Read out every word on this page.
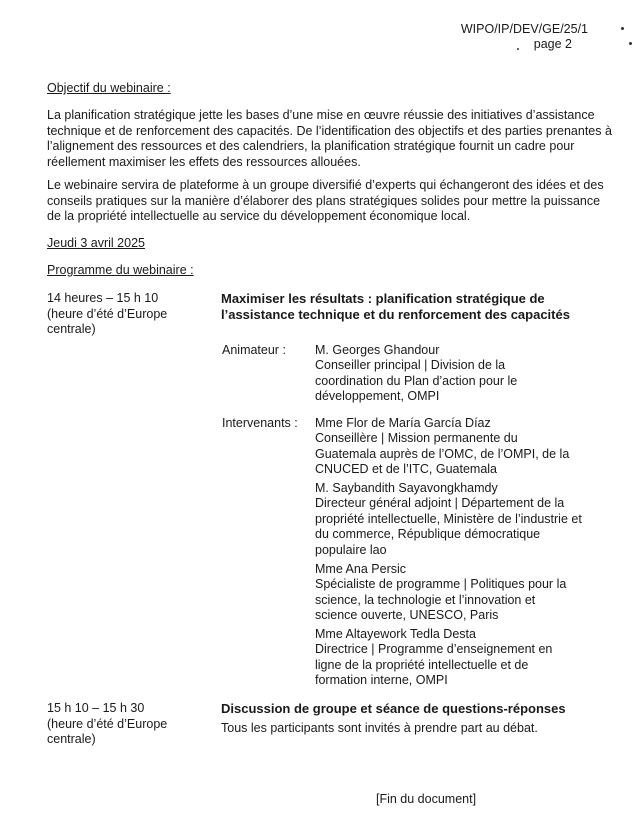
WIPO/IP/DEV/GE/25/1
page 2
Objectif du webinaire :
La planification stratégique jette les bases d’une mise en œuvre réussie des initiatives d’assistance technique et de renforcement des capacités. De l’identification des objectifs et des parties prenantes à l’alignement des ressources et des calendriers, la planification stratégique fournit un cadre pour réellement maximiser les effets des ressources allouées.
Le webinaire servira de plateforme à un groupe diversifié d’experts qui échangeront des idées et des conseils pratiques sur la manière d’élaborer des plans stratégiques solides pour mettre la puissance de la propriété intellectuelle au service du développement économique local.
Jeudi 3 avril 2025
Programme du webinaire :
14 heures – 15 h 10 (heure d’été d’Europe centrale)
Maximiser les résultats : planification stratégique de l’assistance technique et du renforcement des capacités
Animateur :	M. Georges Ghandour
Conseiller principal | Division de la coordination du Plan d’action pour le développement, OMPI
Intervenants :	Mme Flor de María García Díaz
Conseillère | Mission permanente du Guatemala auprès de l’OMC, de l’OMPI, de la CNUCED et de l’ITC, Guatemala
M. Saybandith Sayavongkhamdy
Directeur général adjoint | Département de la propriété intellectuelle, Ministère de l’industrie et du commerce, République démocratique populaire lao
Mme Ana Persic
Spécialiste de programme | Politiques pour la science, la technologie et l’innovation et science ouverte, UNESCO, Paris
Mme Altayework Tedla Desta
Directrice | Programme d’enseignement en ligne de la propriété intellectuelle et de formation interne, OMPI
15 h 10 – 15 h 30 (heure d’été d’Europe centrale)
Discussion de groupe et séance de questions-réponses
Tous les participants sont invités à prendre part au débat.
[Fin du document]
